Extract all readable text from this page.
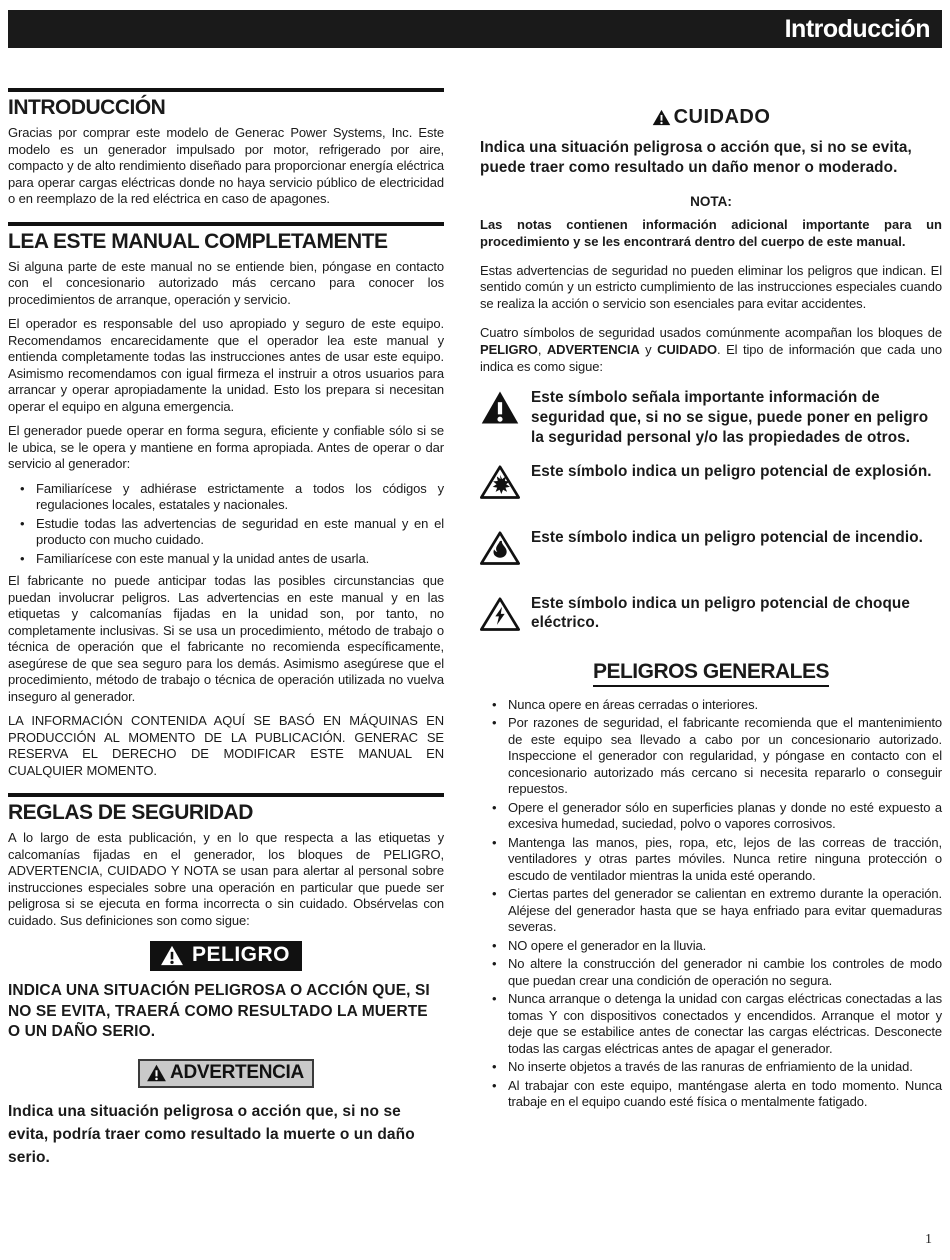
Introducción
INTRODUCCIÓN

Gracias por comprar este modelo de Generac Power Systems, Inc. Este modelo es un generador impulsado por motor, refrigerado por aire, compacto y de alto rendimiento diseñado para proporcionar energía eléctrica para operar cargas eléctricas donde no haya servicio público de electricidad o en reemplazo de la red eléctrica en caso de apagones.

LEA ESTE MANUAL COMPLETAMENTE

Si alguna parte de este manual no se entiende bien, póngase en contacto con el concesionario autorizado más cercano para conocer los procedimientos de arranque, operación y servicio.

El operador es responsable del uso apropiado y seguro de este equipo. Recomendamos encarecidamente que el operador lea este manual y entienda completamente todas las instrucciones antes de usar este equipo. Asimismo recomendamos con igual firmeza el instruir a otros usuarios para arrancar y operar apropiadamente la unidad. Esto los prepara si necesitan operar el equipo en alguna emergencia.

El generador puede operar en forma segura, eficiente y confiable sólo si se le ubica, se le opera y mantiene en forma apropiada. Antes de operar o dar servicio al generador:

• Familiarícese y adhiérase estrictamente a todos los códigos y regulaciones locales, estatales y nacionales.
• Estudie todas las advertencias de seguridad en este manual y en el producto con mucho cuidado.
• Familiarícese con este manual y la unidad antes de usarla.

El fabricante no puede anticipar todas las posibles circunstancias que puedan involucrar peligros. Las advertencias en este manual y en las etiquetas y calcomanías fijadas en la unidad son, por tanto, no completamente inclusivas. Si se usa un procedimiento, método de trabajo o técnica de operación que el fabricante no recomienda específicamente, asegúrese de que sea seguro para los demás. Asimismo asegúrese que el procedimiento, método de trabajo o técnica de operación utilizada no vuelva inseguro al generador.

LA INFORMACIÓN CONTENIDA AQUÍ SE BASÓ EN MÁQUINAS EN PRODUCCIÓN AL MOMENTO DE LA PUBLICACIÓN. GENERAC SE RESERVA EL DERECHO DE MODIFICAR ESTE MANUAL EN CUALQUIER MOMENTO.

REGLAS DE SEGURIDAD

A lo largo de esta publicación, y en lo que respecta a las etiquetas y calcomanías fijadas en el generador, los bloques de PELIGRO, ADVERTENCIA, CUIDADO Y NOTA se usan para alertar al personal sobre instrucciones especiales sobre una operación en particular que puede ser peligrosa si se ejecuta en forma incorrecta o sin cuidado. Obsérvelas con cuidado. Sus definiciones son como sigue:

PELIGRO

INDICA UNA SITUACIÓN PELIGROSA O ACCIÓN QUE, SI NO SE EVITA, TRAERÁ COMO RESULTADO LA MUERTE O UN DAÑO SERIO.

ADVERTENCIA

Indica una situación peligrosa o acción que, si no se evita, podría traer como resultado la muerte o un daño serio.

CUIDADO

Indica una situación peligrosa o acción que, si no se evita, puede traer como resultado un daño menor o moderado.

NOTA:

Las notas contienen información adicional importante para un procedimiento y se les encontrará dentro del cuerpo de este manual.

Estas advertencias de seguridad no pueden eliminar los peligros que indican. El sentido común y un estricto cumplimiento de las instrucciones especiales cuando se realiza la acción o servicio son esenciales para evitar accidentes.

Cuatro símbolos de seguridad usados comúnmente acompañan los bloques de PELIGRO, ADVERTENCIA y CUIDADO. El tipo de información que cada uno indica es como sigue:

Este símbolo señala importante información de seguridad que, si no se sigue, puede poner en peligro la seguridad personal y/o las propiedades de otros.
Este símbolo indica un peligro potencial de explosión.
Este símbolo indica un peligro potencial de incendio.
Este símbolo indica un peligro potencial de choque eléctrico.
PELIGROS GENERALES
• Nunca opere en áreas cerradas o interiores.
• Por razones de seguridad, el fabricante recomienda que el mantenimiento de este equipo sea llevado a cabo por un concesionario autorizado. Inspeccione el generador con regularidad, y póngase en contacto con el concesionario autorizado más cercano si necesita repararlo o conseguir repuestos.
• Opere el generador sólo en superficies planas y donde no esté expuesto a excesiva humedad, suciedad, polvo o vapores corrosivos.
• Mantenga las manos, pies, ropa, etc, lejos de las correas de tracción, ventiladores y otras partes móviles. Nunca retire ninguna protección o escudo de ventilador mientras la unida esté operando.
• Ciertas partes del generador se calientan en extremo durante la operación. Aléjese del generador hasta que se haya enfriado para evitar quemaduras severas.
• NO opere el generador en la lluvia.
• No altere la construcción del generador ni cambie los controles de modo que puedan crear una condición de operación no segura.
• Nunca arranque o detenga la unidad con cargas eléctricas conectadas a las tomas Y con dispositivos conectados y encendidos. Arranque el motor y deje que se estabilice antes de conectar las cargas eléctricas. Desconecte todas las cargas eléctricas antes de apagar el generador.
• No inserte objetos a través de las ranuras de enfriamiento de la unidad.
• Al trabajar con este equipo, manténgase alerta en todo momento. Nunca trabaje en el equipo cuando esté física o mentalmente fatigado.
1
